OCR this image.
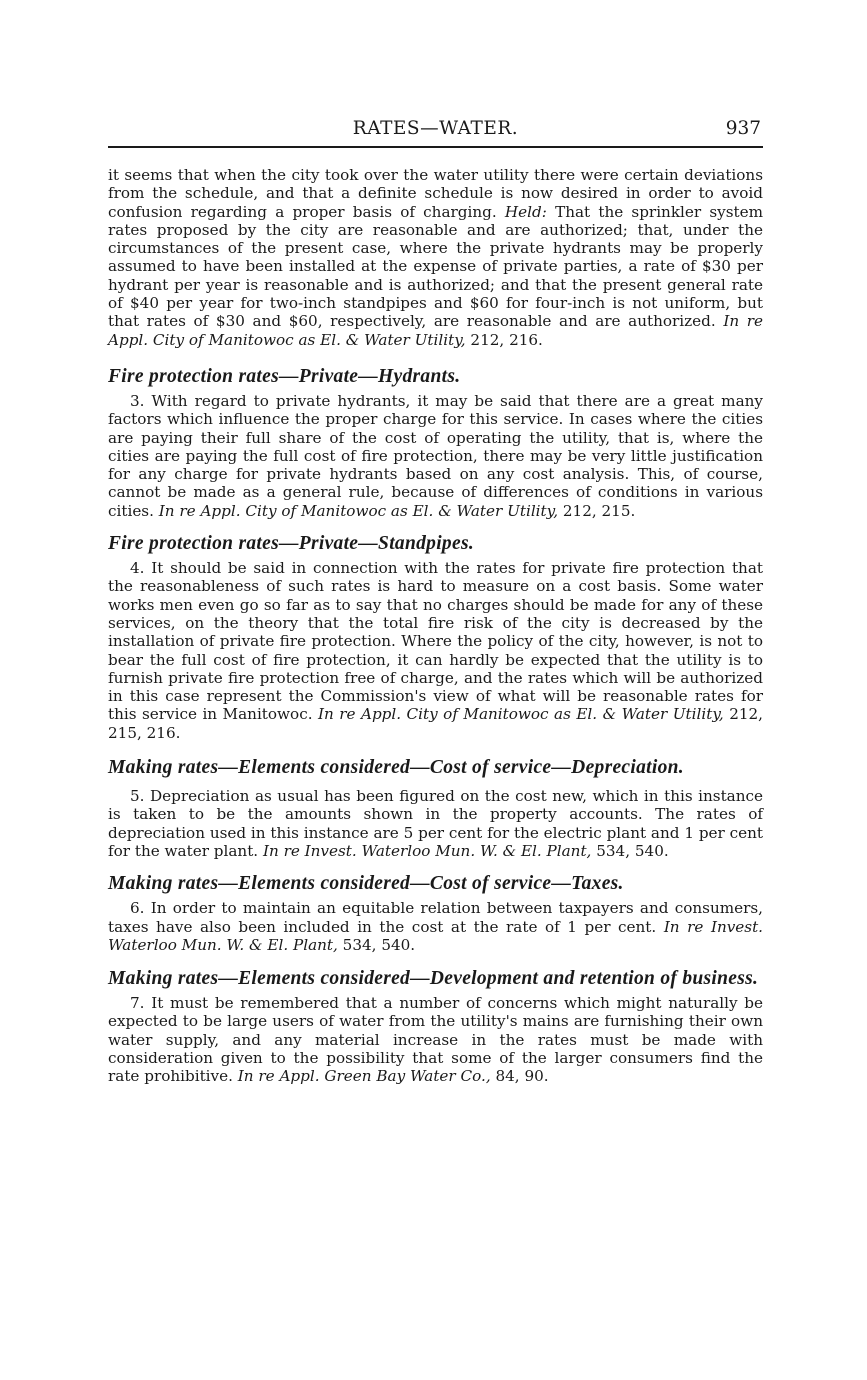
RATES—WATER.	937

it seems that when the city took over the water utility there were certain deviations from the schedule, and that a definite schedule is now desired in order to avoid confusion regarding a proper basis of charging. Held: That the sprinkler system rates proposed by the city are reasonable and are authorized; that, under the circumstances of the present case, where the private hydrants may be properly assumed to have been installed at the expense of private parties, a rate of $30 per hydrant per year is reasonable and is authorized; and that the present general rate of $40 per year for two-inch standpipes and $60 for four-inch is not uniform, but that rates of $30 and $60, respectively, are reasonable and are authorized. In re Appl. City of Manitowoc as El. & Water Utility, 212, 216.

Fire protection rates—Private—Hydrants.

3. With regard to private hydrants, it may be said that there are a great many factors which influence the proper charge for this service. In cases where the cities are paying their full share of the cost of operating the utility, that is, where the cities are paying the full cost of fire protection, there may be very little justification for any charge for private hydrants based on any cost analysis. This, of course, cannot be made as a general rule, because of differences of conditions in various cities. In re Appl. City of Manitowoc as El. & Water Utility, 212, 215.

Fire protection rates—Private—Standpipes.

4. It should be said in connection with the rates for private fire protection that the reasonableness of such rates is hard to measure on a cost basis. Some water works men even go so far as to say that no charges should be made for any of these services, on the theory that the total fire risk of the city is decreased by the installation of private fire protection. Where the policy of the city, however, is not to bear the full cost of fire protection, it can hardly be expected that the utility is to furnish private fire protection free of charge, and the rates which will be authorized in this case represent the Commission's view of what will be reasonable rates for this service in Manitowoc. In re Appl. City of Manitowoc as El. & Water Utility, 212, 215, 216.

Making rates—Elements considered—Cost of service—Depreciation.

5. Depreciation as usual has been figured on the cost new, which in this instance is taken to be the amounts shown in the property accounts. The rates of depreciation used in this instance are 5 per cent for the electric plant and 1 per cent for the water plant. In re Invest. Waterloo Mun. W. & El. Plant, 534, 540.

Making rates—Elements considered—Cost of service—Taxes.

6. In order to maintain an equitable relation between taxpayers and consumers, taxes have also been included in the cost at the rate of 1 per cent. In re Invest. Waterloo Mun. W. & El. Plant, 534, 540.

Making rates—Elements considered—Development and retention of business.

7. It must be remembered that a number of concerns which might naturally be expected to be large users of water from the utility's mains are furnishing their own water supply, and any material increase in the rates must be made with consideration given to the possibility that some of the larger consumers find the rate prohibitive. In re Appl. Green Bay Water Co., 84, 90.
